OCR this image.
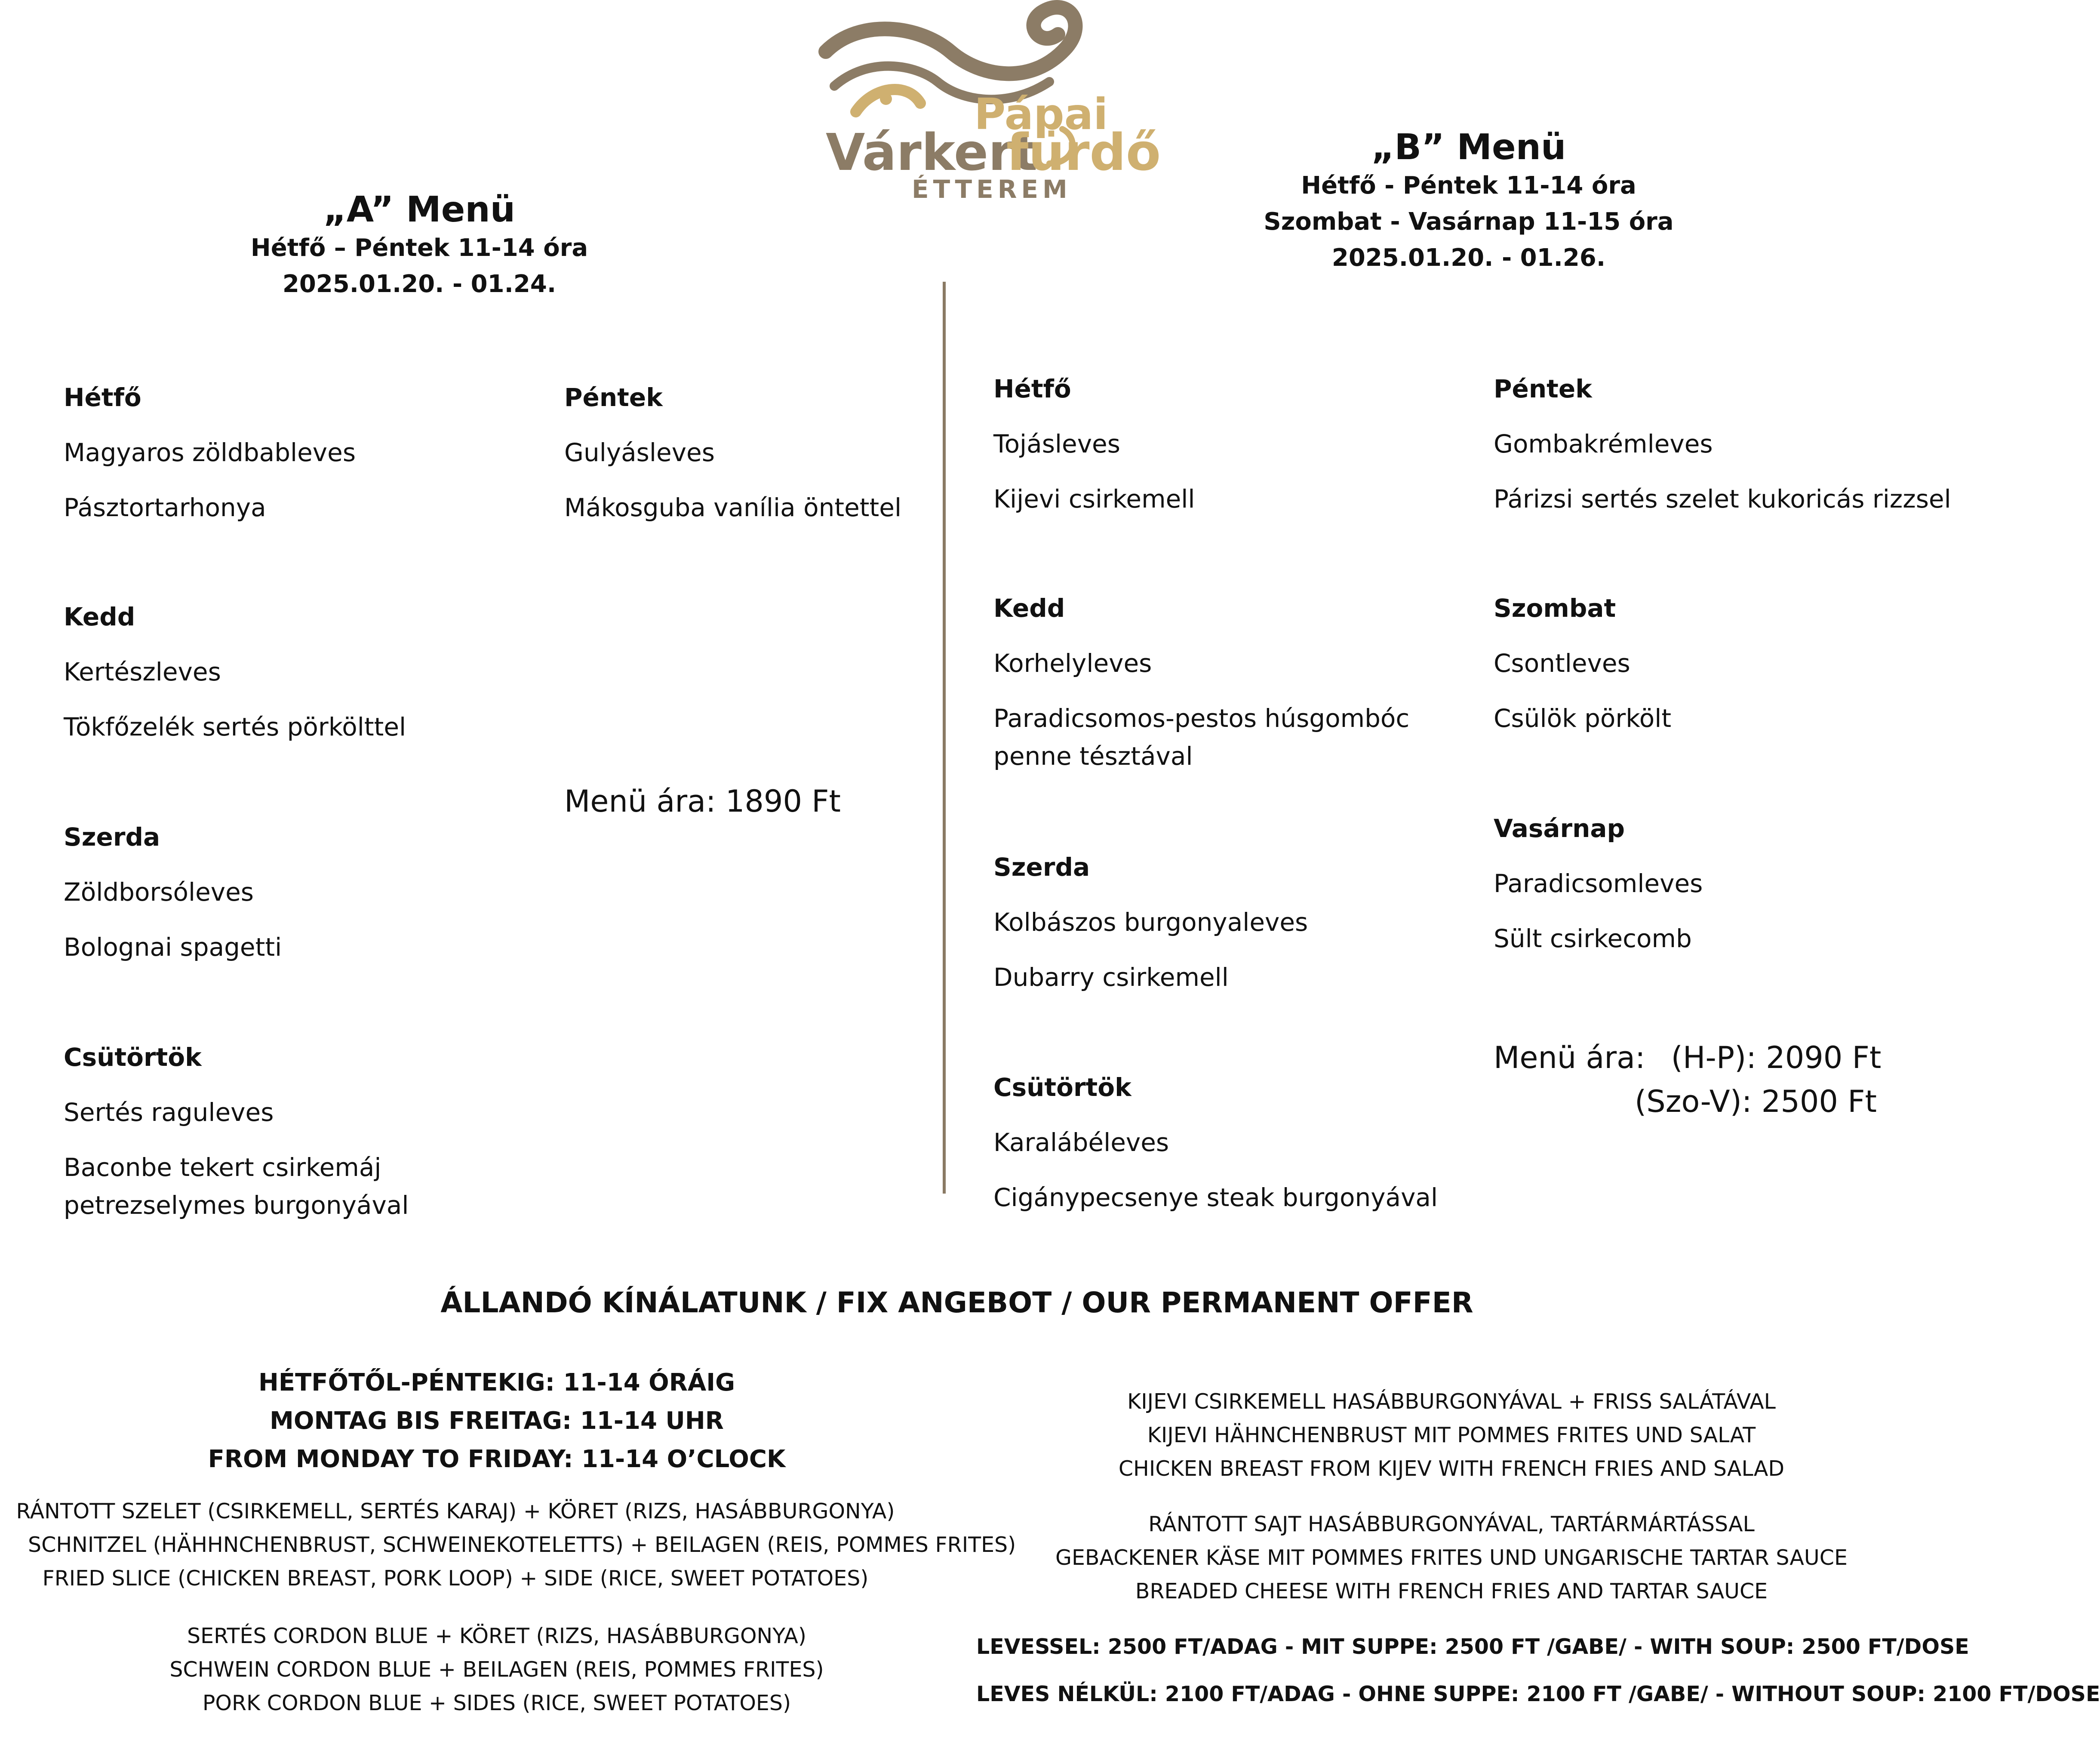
Pápai
Várkert
fürdő
ÉTTEREM
„A” Menü
Hétfő – Péntek 11-14 óra
2025.01.20. - 01.24.
„B” Menü
Hétfő - Péntek 11-14 óra
Szombat - Vasárnap 11-15 óra
2025.01.20. - 01.26.
Hétfő
Magyaros zöldbableves
Pásztortarhonya
Kedd
Kertészleves
Tökfőzelék sertés pörkölttel
Szerda
Zöldborsóleves
Bolognai spagetti
Csütörtök
Sertés raguleves
Baconbe tekert csirkemáj petrezselymes burgonyával
Péntek
Gulyásleves
Mákosguba vanília öntettel
Menü ára: 1890 Ft
Hétfő
Tojásleves
Kijevi csirkemell
Kedd
Korhelyleves
Paradicsomos-pestos húsgombóc penne tésztával
Szerda
Kolbászos burgonyaleves
Dubarry csirkemell
Csütörtök
Karalábéleves
Cigánypecsenye steak burgonyával
Péntek
Gombakrémleves
Párizsi sertés szelet kukoricás rizzsel
Szombat
Csontleves
Csülök pörkölt
Vasárnap
Paradicsomleves
Sült csirkecomb
Menü ára: (H-P): 2090 Ft
(Szo-V): 2500 Ft
ÁLLANDÓ KÍNÁLATUNK / FIX ANGEBOT / OUR PERMANENT OFFER
HÉTFŐTŐL-PÉNTEKIG: 11-14 ÓRÁIG
MONTAG BIS FREITAG: 11-14 UHR
FROM MONDAY TO FRIDAY: 11-14 O’CLOCK
RÁNTOTT SZELET (CSIRKEMELL, SERTÉS KARAJ) + KÖRET (RIZS, HASÁBBURGONYA)
SCHNITZEL (HÄHHNCHENBRUST, SCHWEINEKOTELETTS) + BEILAGEN (REIS, POMMES FRITES)
FRIED SLICE (CHICKEN BREAST, PORK LOOP) + SIDE (RICE, SWEET POTATOES)
SERTÉS CORDON BLUE + KÖRET (RIZS, HASÁBBURGONYA)
SCHWEIN CORDON BLUE + BEILAGEN (REIS, POMMES FRITES)
PORK CORDON BLUE + SIDES (RICE, SWEET POTATOES)
KIJEVI CSIRKEMELL HASÁBBURGONYÁVAL + FRISS SALÁTÁVAL
KIJEVI HÄHNCHENBRUST MIT POMMES FRITES UND SALAT
CHICKEN BREAST FROM KIJEV WITH FRENCH FRIES AND SALAD
RÁNTOTT SAJT HASÁBBURGONYÁVAL, TARTÁRMÁRTÁSSAL
GEBACKENER KÄSE MIT POMMES FRITES UND UNGARISCHE TARTAR SAUCE
BREADED CHEESE WITH FRENCH FRIES AND TARTAR SAUCE
LEVESSEL: 2500 FT/ADAG - MIT SUPPE: 2500 FT /GABE/ - WITH SOUP: 2500 FT/DOSE
LEVES NÉLKÜL: 2100 FT/ADAG - OHNE SUPPE: 2100 FT /GABE/ - WITHOUT SOUP: 2100 FT/DOSE
